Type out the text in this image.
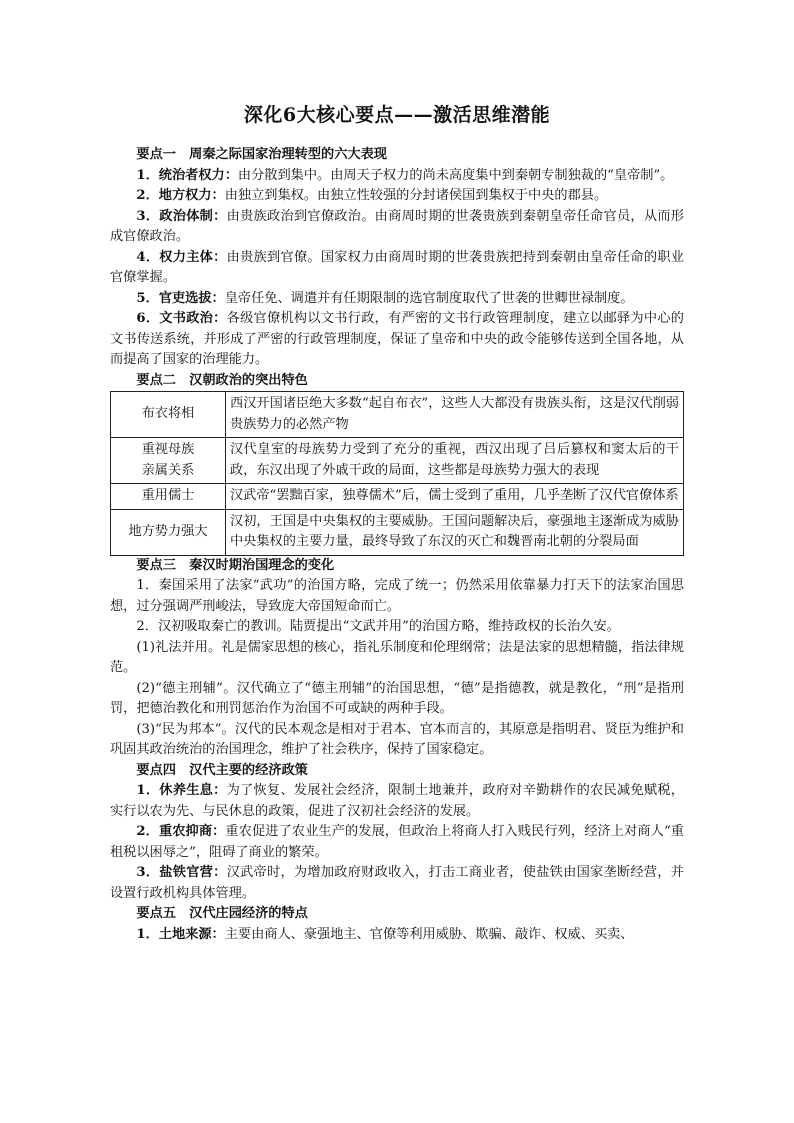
深化6大核心要点——激活思维潜能

要点一　周秦之际国家治理转型的六大表现

1．统治者权力：由分散到集中。由周天子权力的尚未高度集中到秦朝专制独裁的“皇帝制”。

2．地方权力：由独立到集权。由独立性较强的分封诸侯国到集权于中央的郡县。

3．政治体制：由贵族政治到官僚政治。由商周时期的世袭贵族到秦朝皇帝任命官员，从而形成官僚政治。

4．权力主体：由贵族到官僚。国家权力由商周时期的世袭贵族把持到秦朝由皇帝任命的职业官僚掌握。

5．官吏选拔：皇帝任免、调遣并有任期限制的选官制度取代了世袭的世卿世禄制度。

6．文书政治：各级官僚机构以文书行政，有严密的文书行政管理制度，建立以邮驿为中心的文书传送系统，并形成了严密的行政管理制度，保证了皇帝和中央的政令能够传送到全国各地，从而提高了国家的治理能力。

要点二　汉朝政治的突出特色

布衣将相	西汉开国诸臣绝大多数“起自布衣”，这些人大都没有贵族头衔，这是汉代削弱贵族势力的必然产物
重视母族
亲属关系	汉代皇室的母族势力受到了充分的重视，西汉出现了吕后篡权和窦太后的干政，东汉出现了外戚干政的局面，这些都是母族势力强大的表现
重用儒士	汉武帝“罢黜百家，独尊儒术”后，儒士受到了重用，几乎垄断了汉代官僚体系
地方势力强大	汉初，王国是中央集权的主要威胁。王国问题解决后，豪强地主逐渐成为威胁中央集权的主要力量，最终导致了东汉的灭亡和魏晋南北朝的分裂局面

要点三　秦汉时期治国理念的变化

1．秦国采用了法家“武功”的治国方略，完成了统一；仍然采用依靠暴力打天下的法家治国思想，过分强调严刑峻法，导致庞大帝国短命而亡。

2．汉初吸取秦亡的教训。陆贾提出“文武并用”的治国方略，维持政权的长治久安。

(1)礼法并用。礼是儒家思想的核心，指礼乐制度和伦理纲常；法是法家的思想精髓，指法律规范。

(2)“德主刑辅”。汉代确立了“德主刑辅”的治国思想，“德”是指德教，就是教化，“刑”是指刑罚，把德治教化和刑罚惩治作为治国不可或缺的两种手段。

(3)“民为邦本”。汉代的民本观念是相对于君本、官本而言的，其原意是指明君、贤臣为维护和巩固其政治统治的治国理念，维护了社会秩序，保持了国家稳定。

要点四　汉代主要的经济政策

1．休养生息：为了恢复、发展社会经济，限制土地兼并，政府对辛勤耕作的农民减免赋税，实行以农为先、与民休息的政策，促进了汉初社会经济的发展。

2．重农抑商：重农促进了农业生产的发展，但政治上将商人打入贱民行列，经济上对商人“重租税以困辱之”，阻碍了商业的繁荣。

3．盐铁官营：汉武帝时，为增加政府财政收入，打击工商业者，使盐铁由国家垄断经营，并设置行政机构具体管理。

要点五　汉代庄园经济的特点

1．土地来源：主要由商人、豪强地主、官僚等利用威胁、欺骗、敲诈、权威、买卖、
